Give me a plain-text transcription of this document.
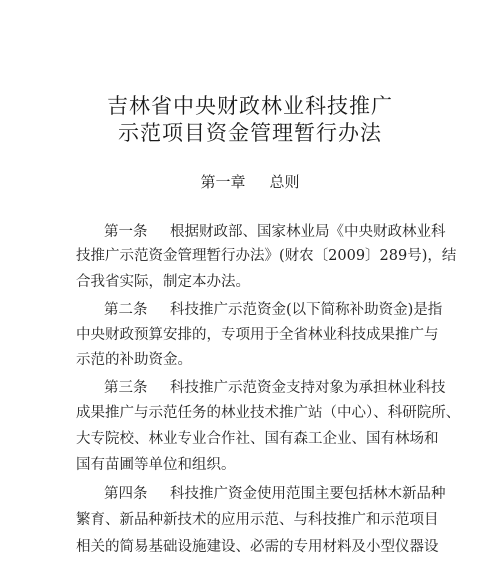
吉林省中央财政林业科技推广
示范项目资金管理暂行办法
第一章 总则
第一条 根据财政部、国家林业局《中央财政林业科
技推广示范资金管理暂行办法》(财农〔2009〕289号)，结
合我省实际，制定本办法。
第二条 科技推广示范资金(以下简称补助资金)是指
中央财政预算安排的，专项用于全省林业科技成果推广与
示范的补助资金。
第三条 科技推广示范资金支持对象为承担林业科技
成果推广与示范任务的林业技术推广站（中心）、科研院所、
大专院校、林业专业合作社、国有森工企业、国有林场和
国有苗圃等单位和组织。
第四条 科技推广资金使用范围主要包括林木新品种
繁育、新品种新技术的应用示范、与科技推广和示范项目
相关的简易基础设施建设、必需的专用材料及小型仪器设
